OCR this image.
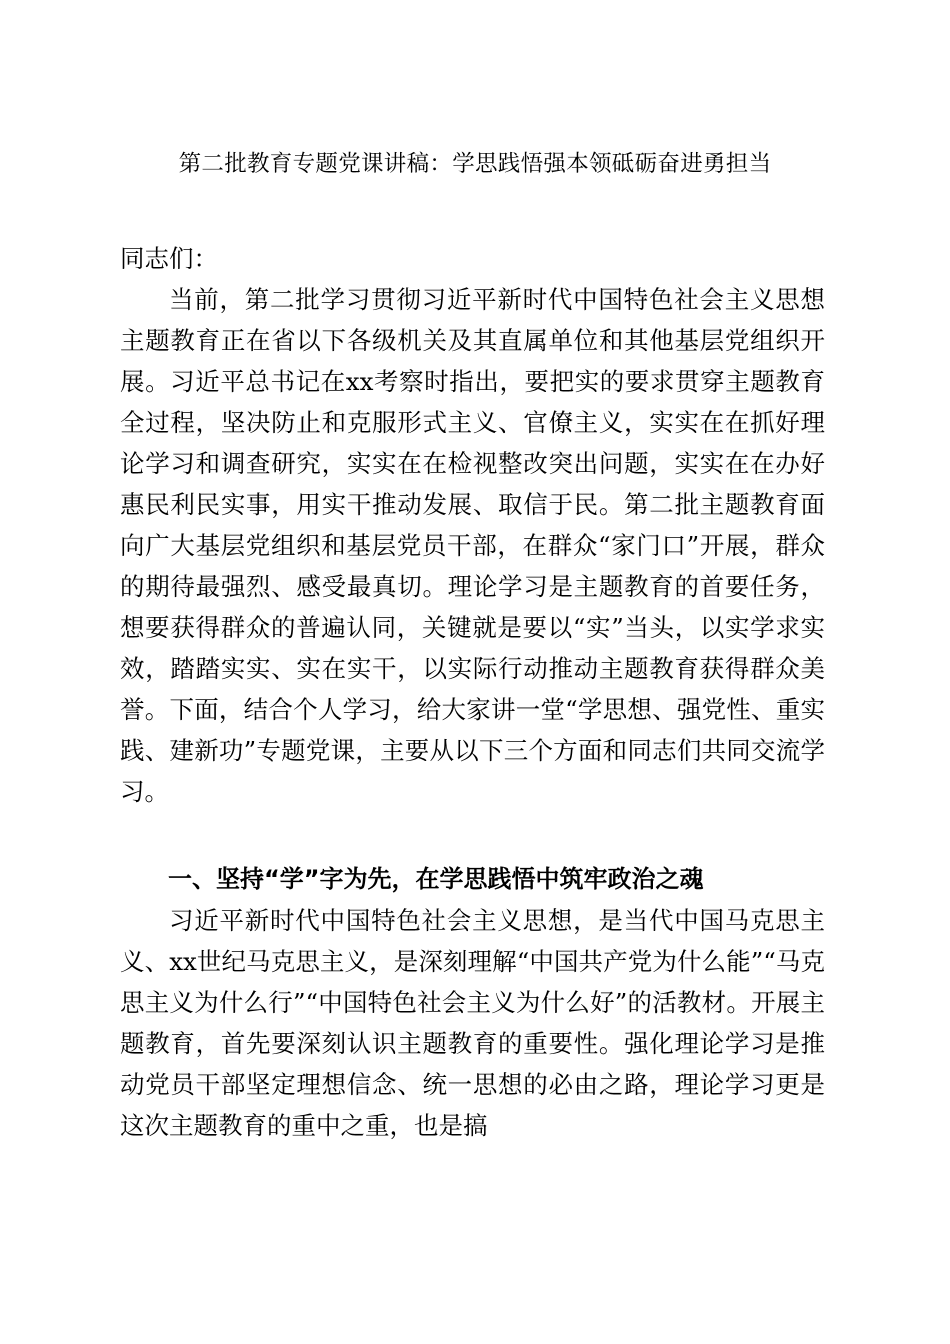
第二批教育专题党课讲稿：学思践悟强本领砥砺奋进勇担当

同志们：

当前，第二批学习贯彻习近平新时代中国特色社会主义思想主题教育正在省以下各级机关及其直属单位和其他基层党组织开展。习近平总书记在xx考察时指出，要把实的要求贯穿主题教育全过程，坚决防止和克服形式主义、官僚主义，实实在在抓好理论学习和调查研究，实实在在检视整改突出问题，实实在在办好惠民利民实事，用实干推动发展、取信于民。第二批主题教育面向广大基层党组织和基层党员干部，在群众“家门口”开展，群众的期待最强烈、感受最真切。理论学习是主题教育的首要任务，想要获得群众的普遍认同，关键就是要以“实”当头，以实学求实效，踏踏实实、实在实干，以实际行动推动主题教育获得群众美誉。下面，结合个人学习，给大家讲一堂“学思想、强党性、重实践、建新功”专题党课，主要从以下三个方面和同志们共同交流学习。

一、坚持“学”字为先，在学思践悟中筑牢政治之魂

习近平新时代中国特色社会主义思想，是当代中国马克思主义、xx世纪马克思主义，是深刻理解“中国共产党为什么能”“马克思主义为什么行”“中国特色社会主义为什么好”的活教材。开展主题教育，首先要深刻认识主题教育的重要性。强化理论学习是推动党员干部坚定理想信念、统一思想的必由之路，理论学习更是这次主题教育的重中之重，也是搞
